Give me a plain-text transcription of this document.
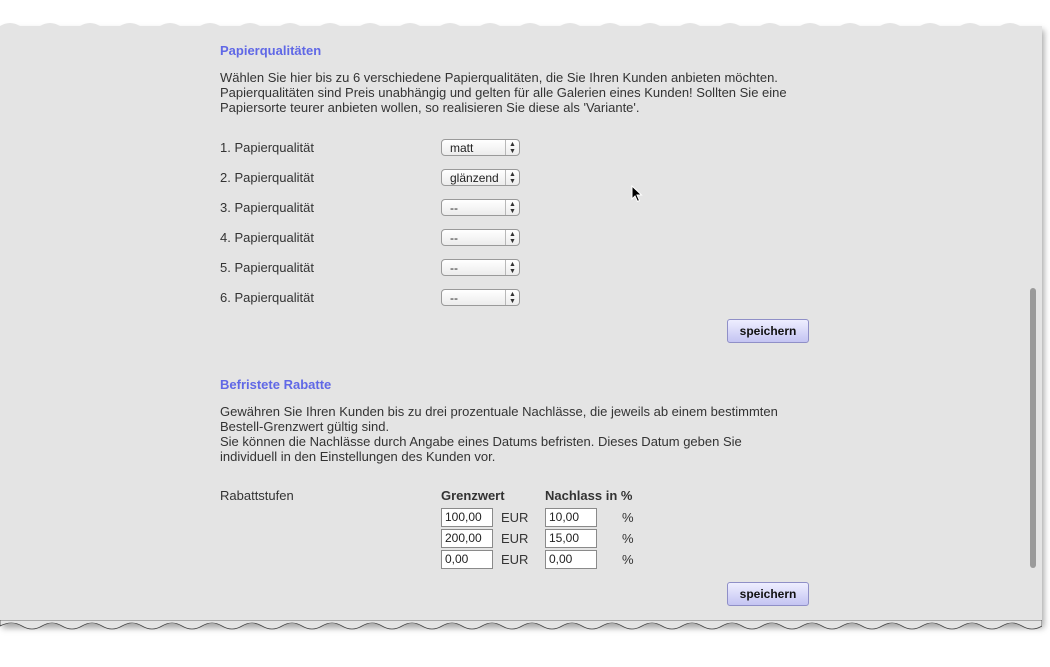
Papierqualitäten

Wählen Sie hier bis zu 6 verschiedene Papierqualitäten, die Sie Ihren Kunden anbieten möchten.
Papierqualitäten sind Preis unabhängig und gelten für alle Galerien eines Kunden! Sollten Sie eine
Papiersorte teurer anbieten wollen, so realisieren Sie diese als 'Variante'.

1. Papierqualität	matt	▲
▼
2. Papierqualität	glänzend	▲
▼
3. Papierqualität	--	▲
▼
4. Papierqualität	--	▲
▼
5. Papierqualität	--	▲
▼
6. Papierqualität	--	▲
▼
speichern
Befristete Rabatte

Gewähren Sie Ihren Kunden bis zu drei prozentuale Nachlässe, die jeweils ab einem bestimmten
Bestell-Grenzwert gültig sind.
Sie können die Nachlässe durch Angabe eines Datums befristen. Dieses Datum geben Sie
individuell in den Einstellungen des Kunden vor.

Rabattstufen	Grenzwert	Nachlass in %
100,00	EUR	10,00	%
200,00	EUR	15,00	%
0,00	EUR	0,00	%
speichern
